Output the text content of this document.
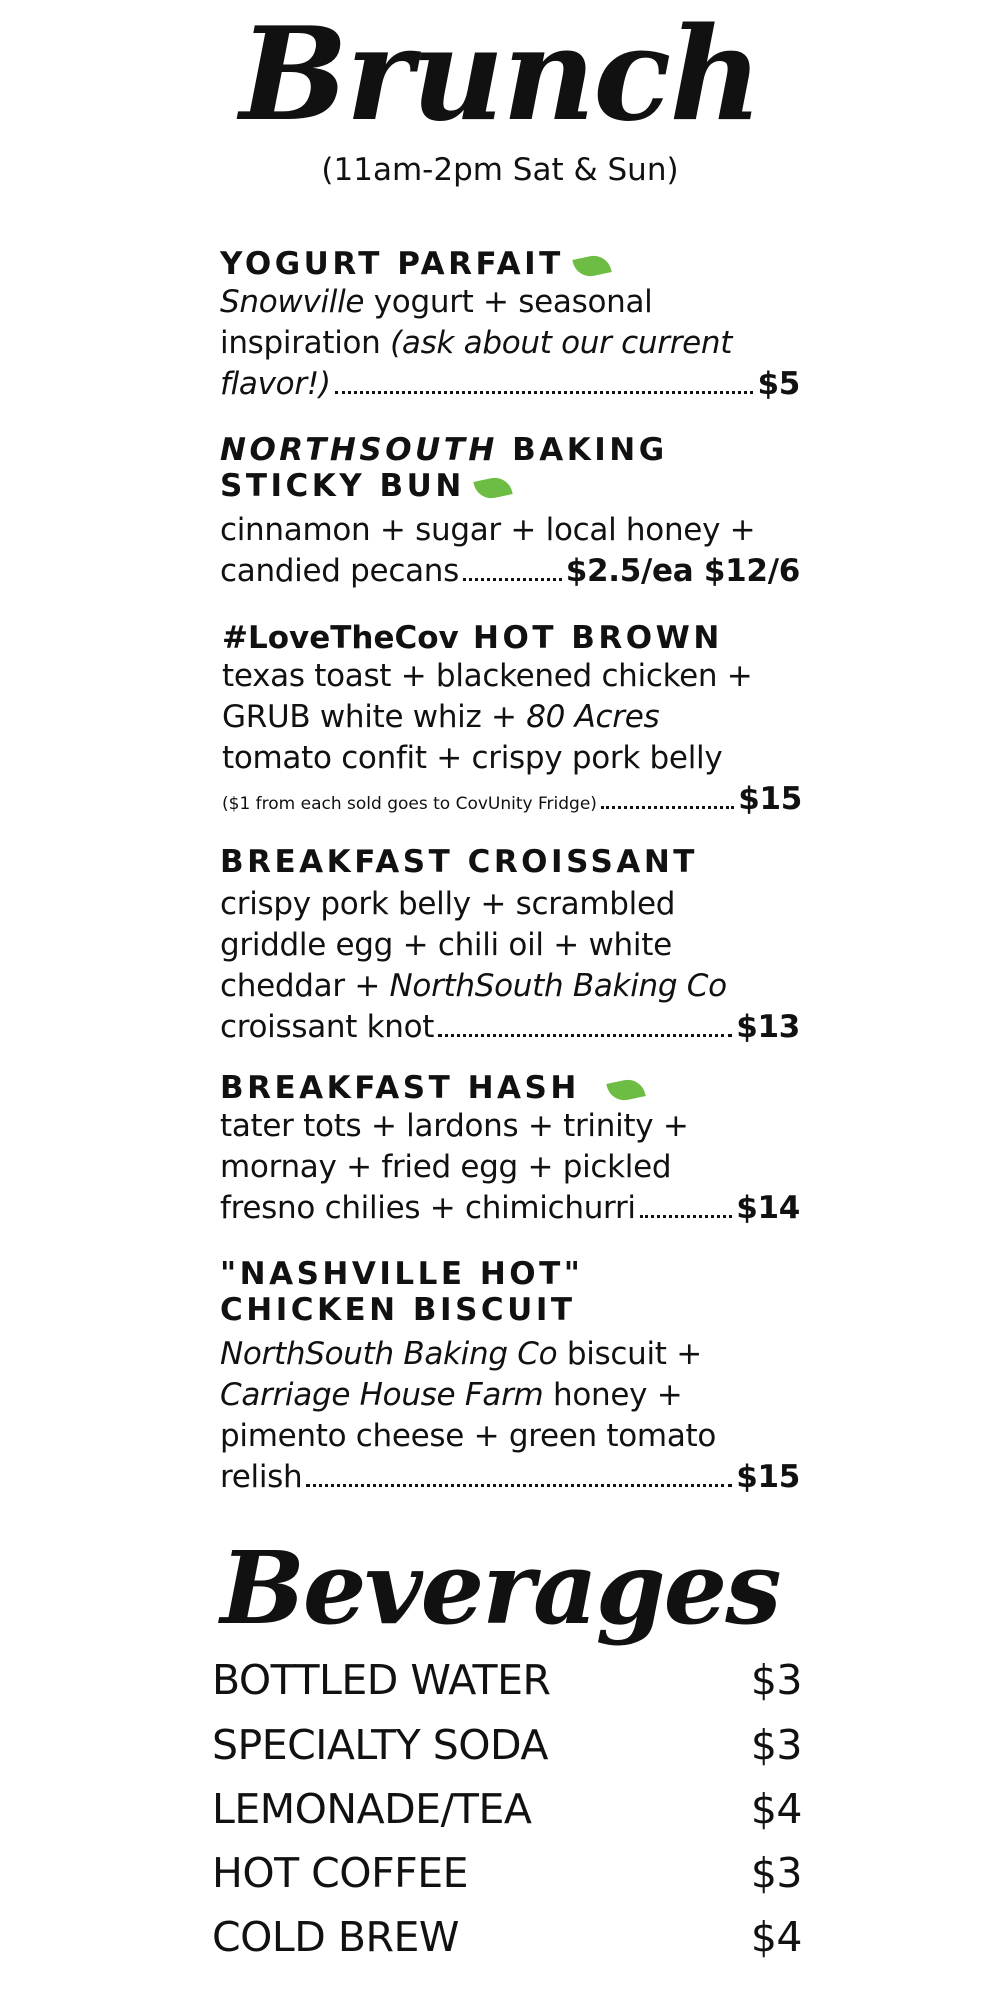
Brunch
(11am-2pm Sat & Sun)
YOGURT PARFAIT
Snowville yogurt + seasonal
inspiration (ask about our current
flavor!)	$5
NORTHSOUTH BAKING
STICKY BUN
cinnamon + sugar + local honey +
candied pecans	$2.5/ea $12/6
#LoveTheCov HOT BROWN
texas toast + blackened chicken +
GRUB white whiz + 80 Acres
tomato confit + crispy pork belly
($1 from each sold goes to CovUnity Fridge)	$15
BREAKFAST CROISSANT
crispy pork belly + scrambled
griddle egg + chili oil + white
cheddar + NorthSouth Baking Co
croissant knot	$13
BREAKFAST HASH
tater tots + lardons + trinity +
mornay + fried egg + pickled
fresno chilies + chimichurri	$14
"NASHVILLE HOT"
CHICKEN BISCUIT
NorthSouth Baking Co biscuit +
Carriage House Farm honey +
pimento cheese + green tomato
relish	$15
Beverages
BOTTLED WATER	$3
SPECIALTY SODA	$3
LEMONADE/TEA	$4
HOT COFFEE	$3
COLD BREW	$4
